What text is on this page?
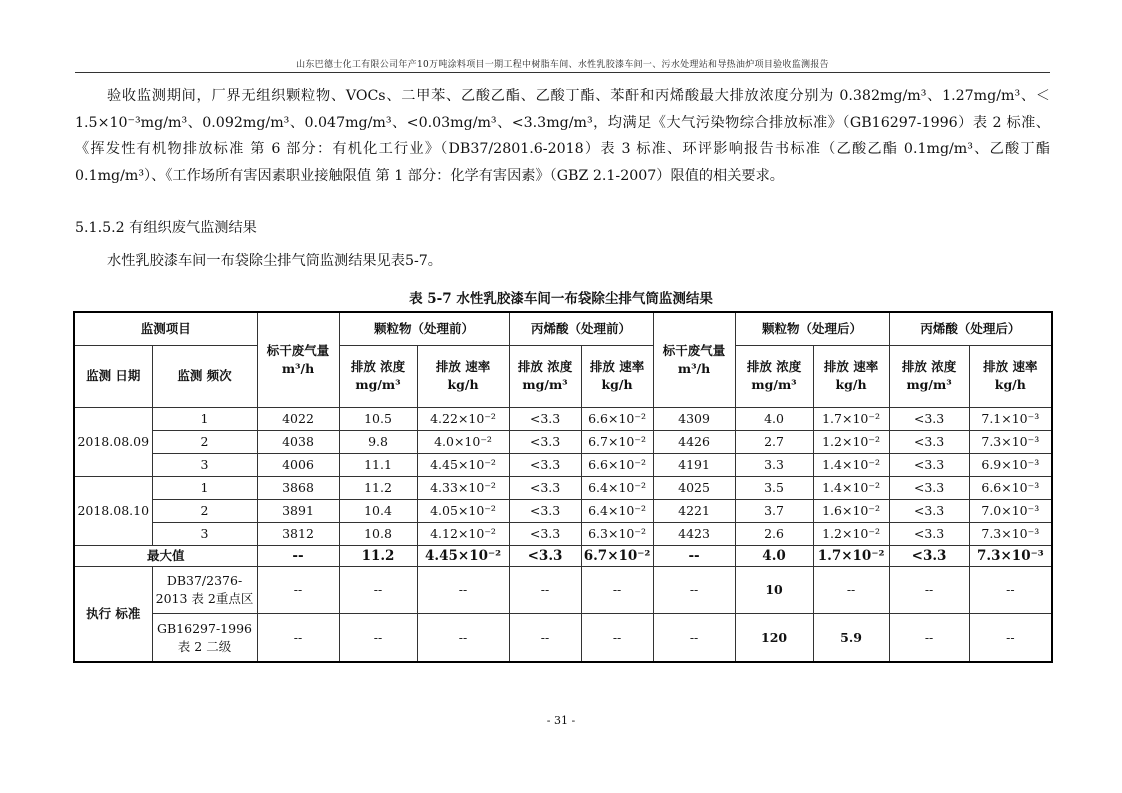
山东巴德士化工有限公司年产10万吨涂料项目一期工程中树脂车间、水性乳胶漆车间一、污水处理站和导热油炉项目验收监测报告
验收监测期间，厂界无组织颗粒物、VOCs、二甲苯、乙酸乙酯、乙酸丁酯、苯酐和丙烯酸最大排放浓度分别为 0.382mg/m³、1.27mg/m³、＜1.5×10⁻³mg/m³、0.092mg/m³、0.047mg/m³、<0.03mg/m³、<3.3mg/m³，均满足《大气污染物综合排放标准》（GB16297-1996）表 2 标准、《挥发性有机物排放标准 第 6 部分：有机化工行业》（DB37/2801.6-2018）表 3 标准、环评影响报告书标准（乙酸乙酯 0.1mg/m³、乙酸丁酯 0.1mg/m³）、《工作场所有害因素职业接触限值 第 1 部分：化学有害因素》（GBZ 2.1-2007）限值的相关要求。
5.1.5.2 有组织废气监测结果
水性乳胶漆车间一布袋除尘排气筒监测结果见表5-7。
表 5-7 水性乳胶漆车间一布袋除尘排气筒监测结果
监测项目		标干废气量 m³/h	颗粒物（处理前）		丙烯酸（处理前）		标干废气量 m³/h	颗粒物（处理后）		丙烯酸（处理后）	
监测 日期	监测 频次		排放 浓度 mg/m³	排放 速率 kg/h	排放 浓度 mg/m³	排放 速率 kg/h		排放 浓度 mg/m³	排放 速率 kg/h	排放 浓度 mg/m³	排放 速率 kg/h
2018.08.09	1	4022	10.5	4.22×10⁻²	<3.3	6.6×10⁻²	4309	4.0	1.7×10⁻²	<3.3	7.1×10⁻³
	2	4038	9.8	4.0×10⁻²	<3.3	6.7×10⁻²	4426	2.7	1.2×10⁻²	<3.3	7.3×10⁻³
	3	4006	11.1	4.45×10⁻²	<3.3	6.6×10⁻²	4191	3.3	1.4×10⁻²	<3.3	6.9×10⁻³
2018.08.10	1	3868	11.2	4.33×10⁻²	<3.3	6.4×10⁻²	4025	3.5	1.4×10⁻²	<3.3	6.6×10⁻³
	2	3891	10.4	4.05×10⁻²	<3.3	6.4×10⁻²	4221	3.7	1.6×10⁻²	<3.3	7.0×10⁻³
	3	3812	10.8	4.12×10⁻²	<3.3	6.3×10⁻²	4423	2.6	1.2×10⁻²	<3.3	7.3×10⁻³
最大值		--	11.2	4.45×10⁻²	<3.3	6.7×10⁻²	--	4.0	1.7×10⁻²	<3.3	7.3×10⁻³
执行 标准	DB37/2376-2013 表 2重点区	--	--	--	--	--	--	10	--	--	--
	GB16297-1996 表 2 二级	--	--	--	--	--	--	120	5.9	--	--
- 31 -
